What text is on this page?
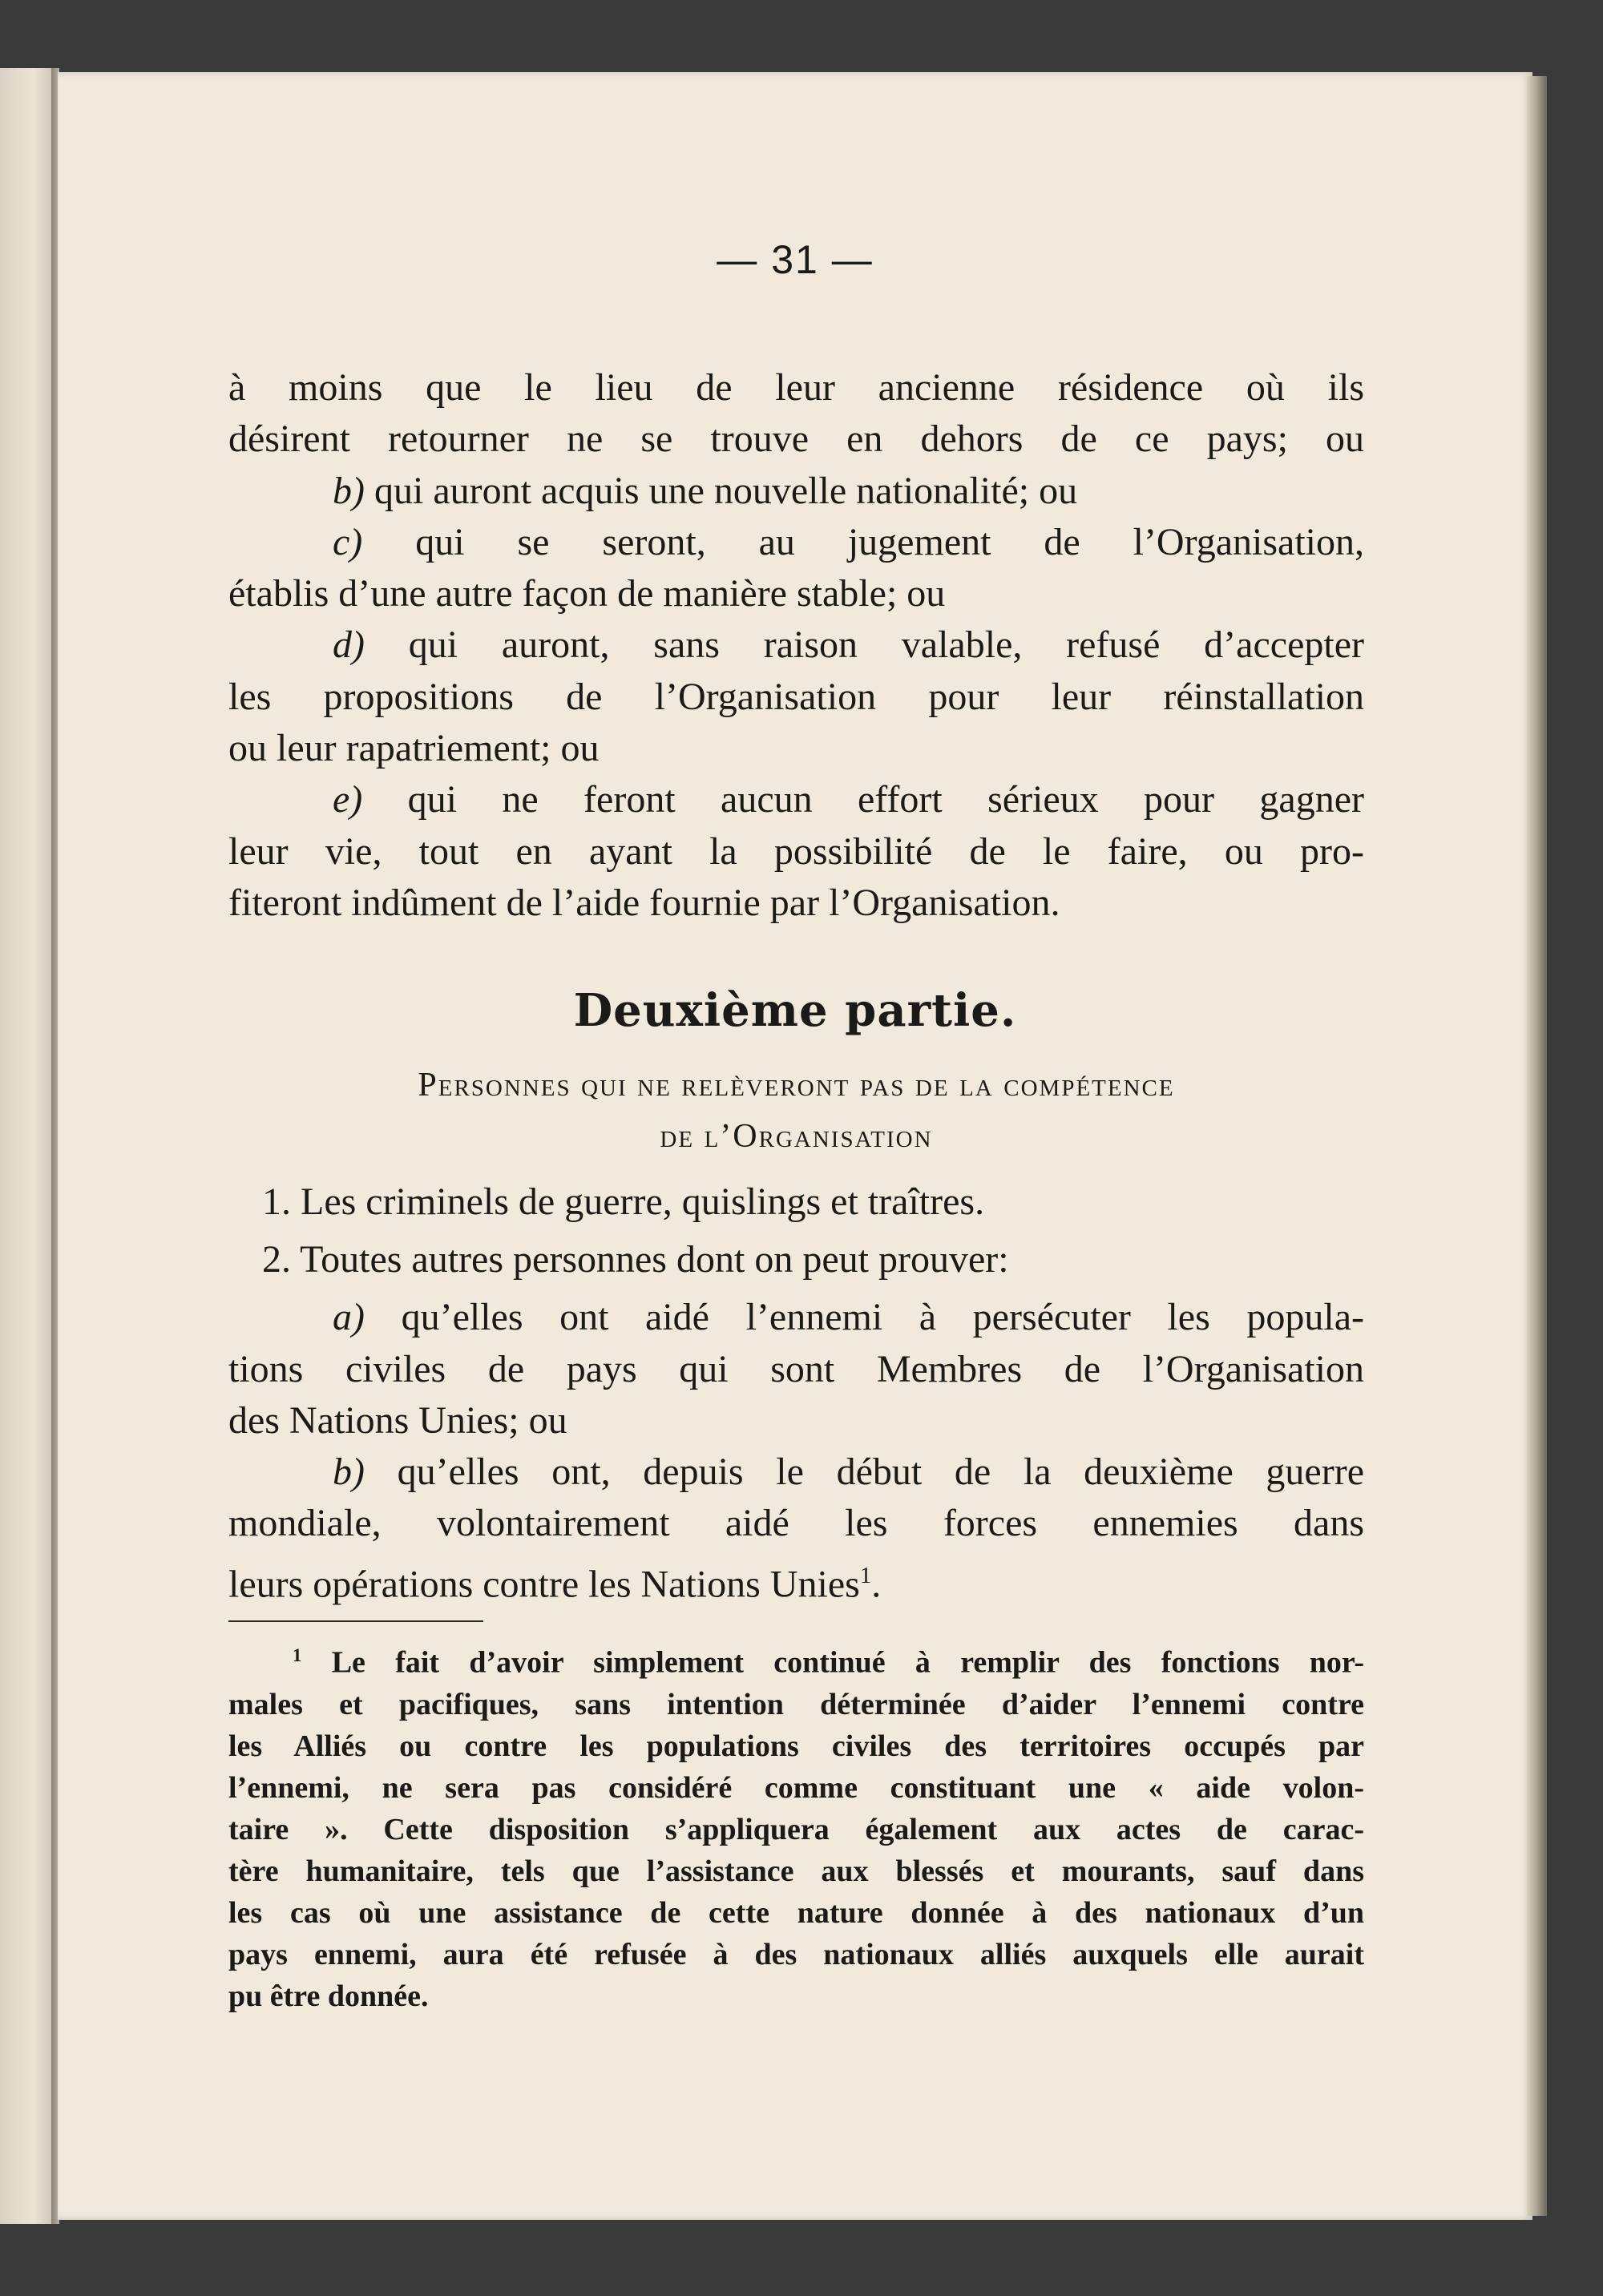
— 31 —
à moins que le lieu de leur ancienne résidence où ils
désirent retourner ne se trouve en dehors de ce pays; ou
b) qui auront acquis une nouvelle nationalité; ou
c) qui se seront, au jugement de l’Organisation,
établis d’une autre façon de manière stable; ou
d) qui auront, sans raison valable, refusé d’accepter
les propositions de l’Organisation pour leur réinstallation
ou leur rapatriement; ou
e) qui ne feront aucun effort sérieux pour gagner
leur vie, tout en ayant la possibilité de le faire, ou pro-
fiteront indûment de l’aide fournie par l’Organisation.
Deuxième partie.
Personnes qui ne relèveront pas de la compétence
de l’Organisation
1. Les criminels de guerre, quislings et traîtres.
2. Toutes autres personnes dont on peut prouver:
a) qu’elles ont aidé l’ennemi à persécuter les popula-
tions civiles de pays qui sont Membres de l’Organisation
des Nations Unies; ou
b) qu’elles ont, depuis le début de la deuxième guerre
mondiale, volontairement aidé les forces ennemies dans
leurs opérations contre les Nations Unies$^1$.
$^1$ Le fait d’avoir simplement continué à remplir des fonctions nor-
males et pacifiques, sans intention déterminée d’aider l’ennemi contre
les Alliés ou contre les populations civiles des territoires occupés par
l’ennemi, ne sera pas considéré comme constituant une « aide volon-
taire ». Cette disposition s’appliquera également aux actes de carac-
tère humanitaire, tels que l’assistance aux blessés et mourants, sauf dans
les cas où une assistance de cette nature donnée à des nationaux d’un
pays ennemi, aura été refusée à des nationaux alliés auxquels elle aurait
pu être donnée.
